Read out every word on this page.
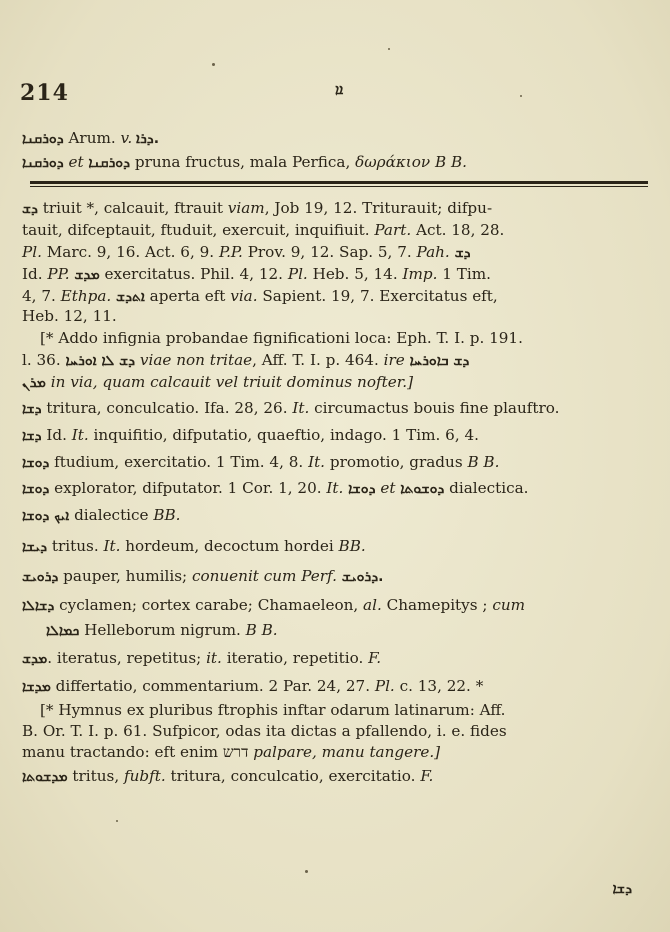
214	ܐܐ
ܕܘܪܩܢܐ Arum. v. ܕܪܐ.
ܕܘܪܩܢܐ et ܕܘܪܩܢܐ pruna fructus, mala Perfica, δωράκιον B B.
ܕܫ triuit *, calcauit, ftrauit viam, Job 19, 12. Triturauit; difpu-
tauit, difceptauit, ftuduit, exercuit, inquifiuit. Part. Act. 18, 28.
Pl. Marc. 9, 16. Act. 6, 9. P.P. Prov. 9, 12. Sap. 5, 7. Pah. ܕܫ
Id. PP. ܡܕܫ exercitatus. Phil. 4, 12. Pl. Heb. 5, 14. Imp. 1 Tim.
4, 7. Ethpa. ܐܬܕܫ aperta eft via. Sapient. 19, 7. Exercitatus eft,
Heb. 12, 11.
[* Addo infignia probandae fignificationi loca: Eph. T. I. p. 191.
l. 36. ܕܫ ܠܐ ܐܘܪܚܐ viae non tritae, Aff. T. I. p. 464. ire ܕܫ ܒܐܘܪܚܐ
ܡܪܢ in via, quam calcauit vel triuit dominus nofter.]
ܕܫܐ tritura, conculcatio. Ifa. 28, 26. It. circumactus bouis fine plauftro.
ܕܫܐ Id. It. inquifitio, difputatio, quaeftio, indago. 1 Tim. 6, 4.
ܕܘܫܐ ftudium, exercitatio. 1 Tim. 4, 8. It. promotio, gradus B B.
ܕܘܫܐ explorator, difputator. 1 Cor. 1, 20. It. ܕܘܫܐ et ܕܘܫܘܬܐ dialectica.
ܐܝܟ ܕܘܫܐ dialectice BB.
ܕܝܫܐ tritus. It. hordeum, decoctum hordei BB.
ܕܪܘܝܫ pauper, humilis; conuenit cum Perf. ܕܪܘܝܫ.
ܕܫܐܠܐ cyclamen; cortex carabe; Chamaeleon, al. Chamepitys ; cum
ܟܡܐܠܐ Helleborum nigrum. B B.
ܡܕܫ. iteratus, repetitus; it. iteratio, repetitio. F.
ܡܕܫܐ differtatio, commentarium. 2 Par. 24, 27. Pl. c. 13, 22. *
[* Hymnus ex pluribus ftrophis inftar odarum latinarum: Aff.
B. Or. T. I. p. 61. Sufpicor, odas ita dictas a pfallendo, i. e. fides
manu tractando: eft enim דרש palpare, manu tangere.]
ܡܕܫܘܬܐ tritus, fubft. tritura, conculcatio, exercitatio. F.
ܕܫܐ
